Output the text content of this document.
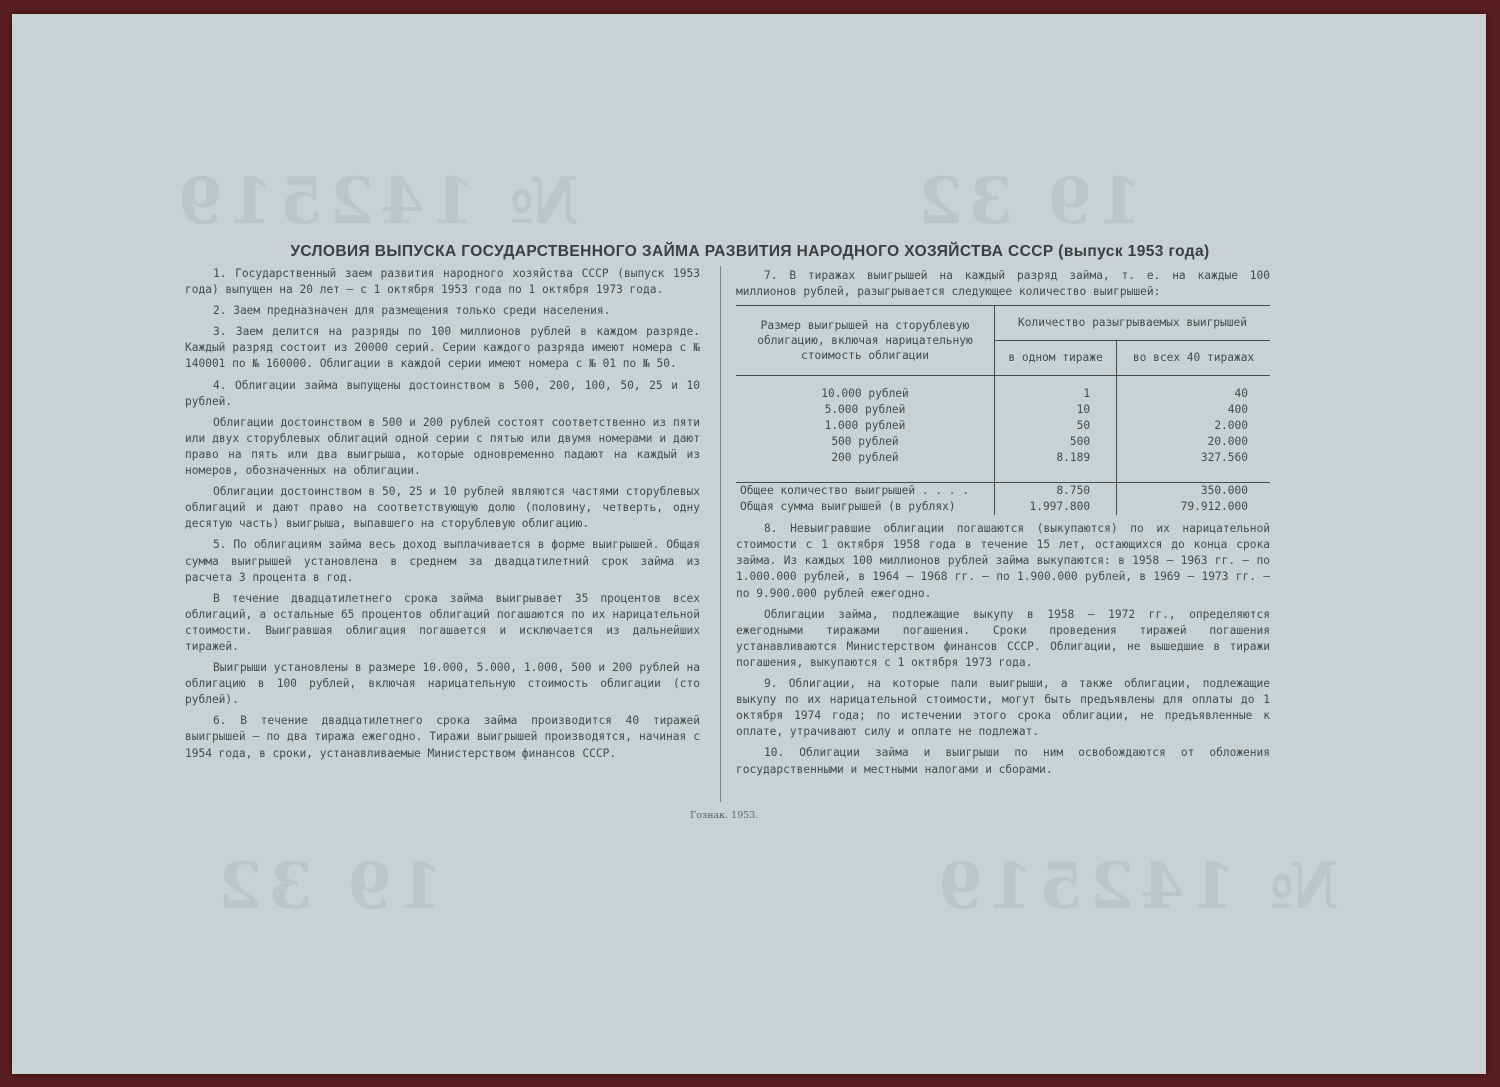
№ 142519	19 32
19 32	№ 142519
УСЛОВИЯ ВЫПУСКА ГОСУДАРСТВЕННОГО ЗАЙМА РАЗВИТИЯ НАРОДНОГО ХОЗЯЙСТВА СССР (выпуск 1953 года)

1. Государственный заем развития народного хозяйства СССР (выпуск 1953 года) выпущен на 20 лет — с 1 октября 1953 года по 1 октября 1973 года.

2. Заем предназначен для размещения только среди населения.

3. Заем делится на разряды по 100 миллионов рублей в каждом разряде. Каждый разряд состоит из 20000 серий. Серии каждого разряда имеют номера с № 140001 по № 160000. Облигации в каждой серии имеют номера с № 01 по № 50.

4. Облигации займа выпущены достоинством в 500, 200, 100, 50, 25 и 10 рублей.

Облигации достоинством в 500 и 200 рублей состоят соответственно из пяти или двух сторублевых облигаций одной серии с пятью или двумя номерами и дают право на пять или два выигрыша, которые одновременно падают на каждый из номеров, обозначенных на облигации.

Облигации достоинством в 50, 25 и 10 рублей являются частями сторублевых облигаций и дают право на соответствующую долю (половину, четверть, одну десятую часть) выигрыша, выпавшего на сторублевую облигацию.

5. По облигациям займа весь доход выплачивается в форме выигрышей. Общая сумма выигрышей установлена в среднем за двадцатилетний срок займа из расчета 3 процента в год.

В течение двадцатилетнего срока займа выигрывает 35 процентов всех облигаций, а остальные 65 процентов облигаций погашаются по их нарицательной стоимости. Выигравшая облигация погашается и исключается из дальнейших тиражей.

Выигрыши установлены в размере 10.000, 5.000, 1.000, 500 и 200 рублей на облигацию в 100 рублей, включая нарицательную стоимость облигации (сто рублей).

6. В течение двадцатилетнего срока займа производится 40 тиражей выигрышей — по два тиража ежегодно. Тиражи выигрышей производятся, начиная с 1954 года, в сроки, устанавливаемые Министерством финансов СССР.

7. В тиражах выигрышей на каждый разряд займа, т. е. на каждые 100 миллионов рублей, разыгрывается следующее количество выигрышей:

Размер выигрышей на сторублевую облигацию, включая нарицательную стоимость облигации	Количество разыгрываемых выигрышей	
	в одном тираже	во всех 40 тиражах
10.000 рублей	1	40
5.000 рублей	10	400
1.000 рублей	50	2.000
500 рублей	500	20.000
200 рублей	8.189	327.560

Общее количество выигрышей . . . .	8.750	350.000
Общая сумма выигрышей (в рублях)	1.997.800	79.912.000

8. Невыигравшие облигации погашаются (выкупаются) по их нарицательной стоимости с 1 октября 1958 года в течение 15 лет, остающихся до конца срока займа. Из каждых 100 миллионов рублей займа выкупаются: в 1958 — 1963 гг. — по 1.000.000 рублей, в 1964 — 1968 гг. — по 1.900.000 рублей, в 1969 — 1973 гг. — по 9.900.000 рублей ежегодно.

Облигации займа, подлежащие выкупу в 1958 — 1972 гг., определяются ежегодными тиражами погашения. Сроки проведения тиражей погашения устанавливаются Министерством финансов СССР. Облигации, не вышедшие в тиражи погашения, выкупаются с 1 октября 1973 года.

9. Облигации, на которые пали выигрыши, а также облигации, подлежащие выкупу по их нарицательной стоимости, могут быть предъявлены для оплаты до 1 октября 1974 года; по истечении этого срока облигации, не предъявленные к оплате, утрачивают силу и оплате не подлежат.

10. Облигации займа и выигрыши по ним освобождаются от обложения государственными и местными налогами и сборами.

Гознак. 1953.
